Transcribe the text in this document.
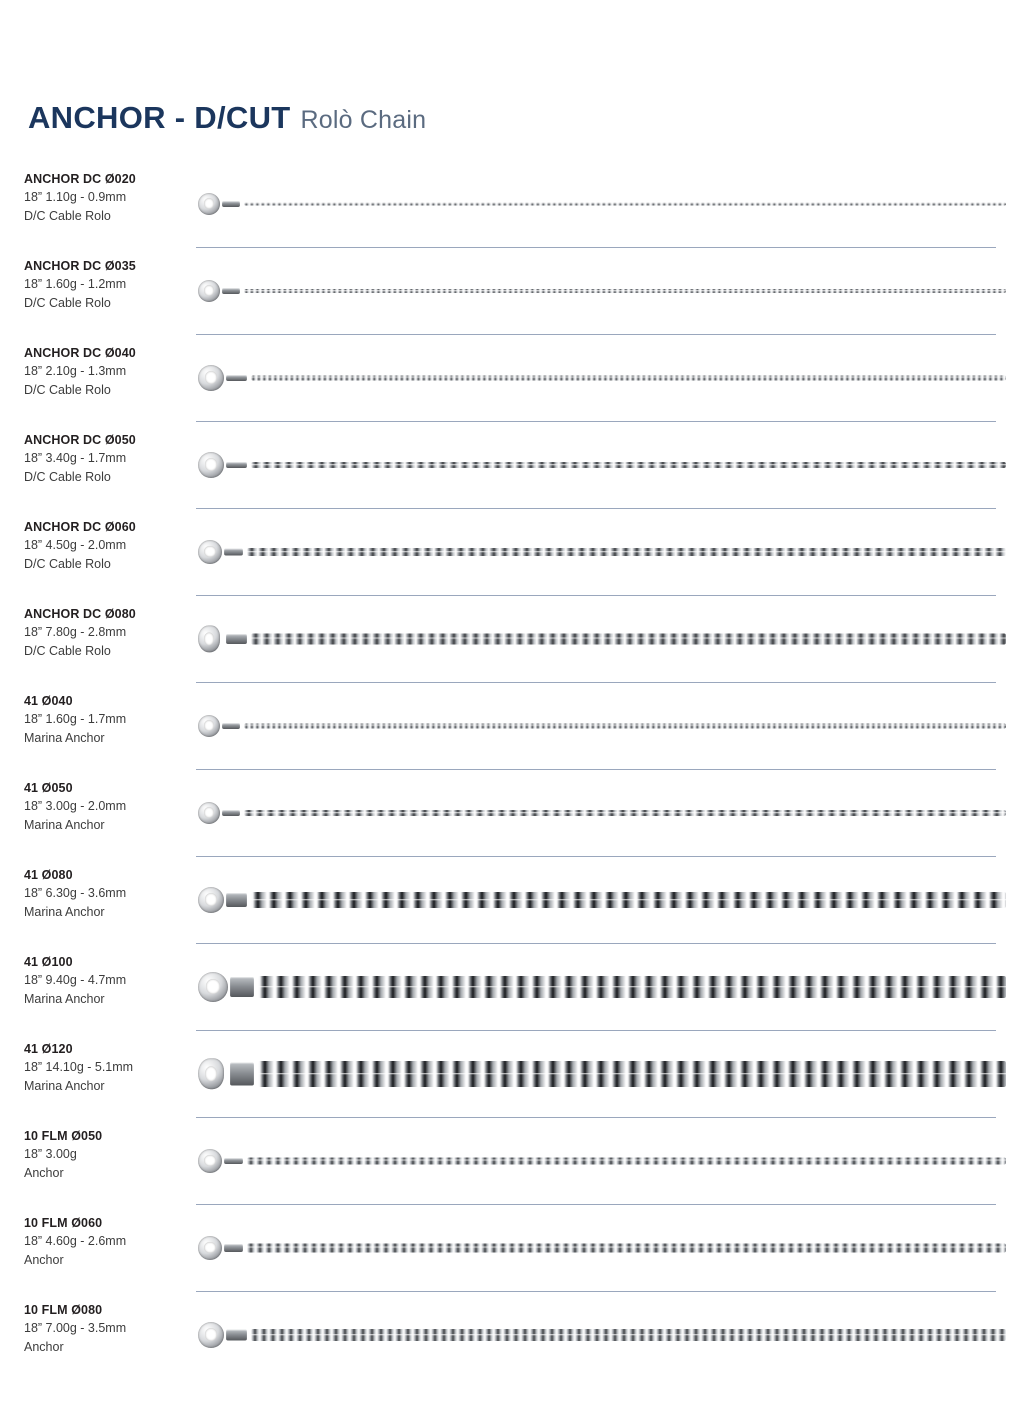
ANCHOR - D/CUT Rolò Chain
ANCHOR DC Ø020
18” 1.10g - 0.9mm
D/C Cable Rolo
ANCHOR DC Ø035
18” 1.60g - 1.2mm
D/C Cable Rolo
ANCHOR DC Ø040
18” 2.10g - 1.3mm
D/C Cable Rolo
ANCHOR DC Ø050
18” 3.40g - 1.7mm
D/C Cable Rolo
ANCHOR DC Ø060
18” 4.50g - 2.0mm
D/C Cable Rolo
ANCHOR DC Ø080
18” 7.80g - 2.8mm
D/C Cable Rolo
41 Ø040
18” 1.60g - 1.7mm
Marina Anchor
41 Ø050
18” 3.00g - 2.0mm
Marina Anchor
41 Ø080
18” 6.30g - 3.6mm
Marina Anchor
41 Ø100
18” 9.40g - 4.7mm
Marina Anchor
41 Ø120
18” 14.10g - 5.1mm
Marina Anchor
10 FLM Ø050
18” 3.00g
Anchor
10 FLM Ø060
18” 4.60g - 2.6mm
Anchor
10 FLM Ø080
18” 7.00g - 3.5mm
Anchor
